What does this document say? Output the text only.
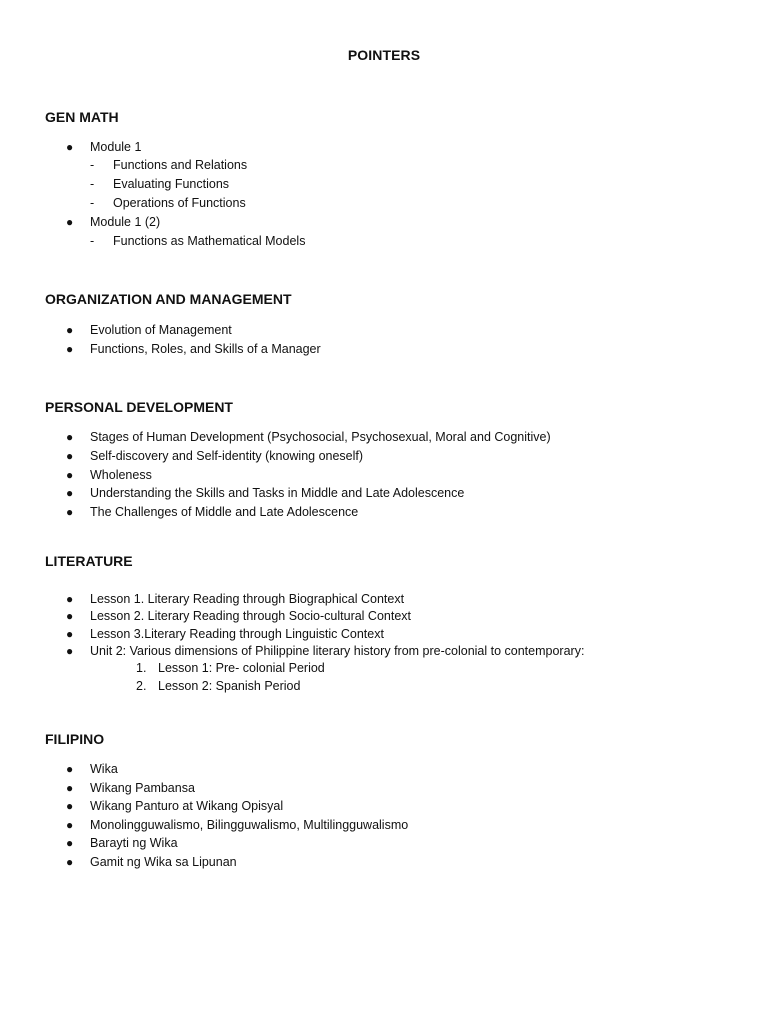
POINTERS
GEN MATH
● Module 1
- Functions and Relations
- Evaluating Functions
- Operations of Functions
● Module 1 (2)
- Functions as Mathematical Models
ORGANIZATION AND MANAGEMENT
● Evolution of Management
● Functions, Roles, and Skills of a Manager
PERSONAL DEVELOPMENT
● Stages of Human Development (Psychosocial, Psychosexual, Moral and Cognitive)
● Self-discovery and Self-identity (knowing oneself)
● Wholeness
● Understanding the Skills and Tasks in Middle and Late Adolescence
● The Challenges of Middle and Late Adolescence
LITERATURE
● Lesson 1. Literary Reading through Biographical Context
● Lesson 2. Literary Reading through Socio-cultural Context
● Lesson 3.Literary Reading through Linguistic Context
● Unit 2: Various dimensions of Philippine literary history from pre-colonial to contemporary:
1. Lesson 1: Pre- colonial Period
2. Lesson 2: Spanish Period
FILIPINO
● Wika
● Wikang Pambansa
● Wikang Panturo at Wikang Opisyal
● Monolingguwalismo, Bilingguwalismo, Multilingguwalismo
● Barayti ng Wika
● Gamit ng Wika sa Lipunan
